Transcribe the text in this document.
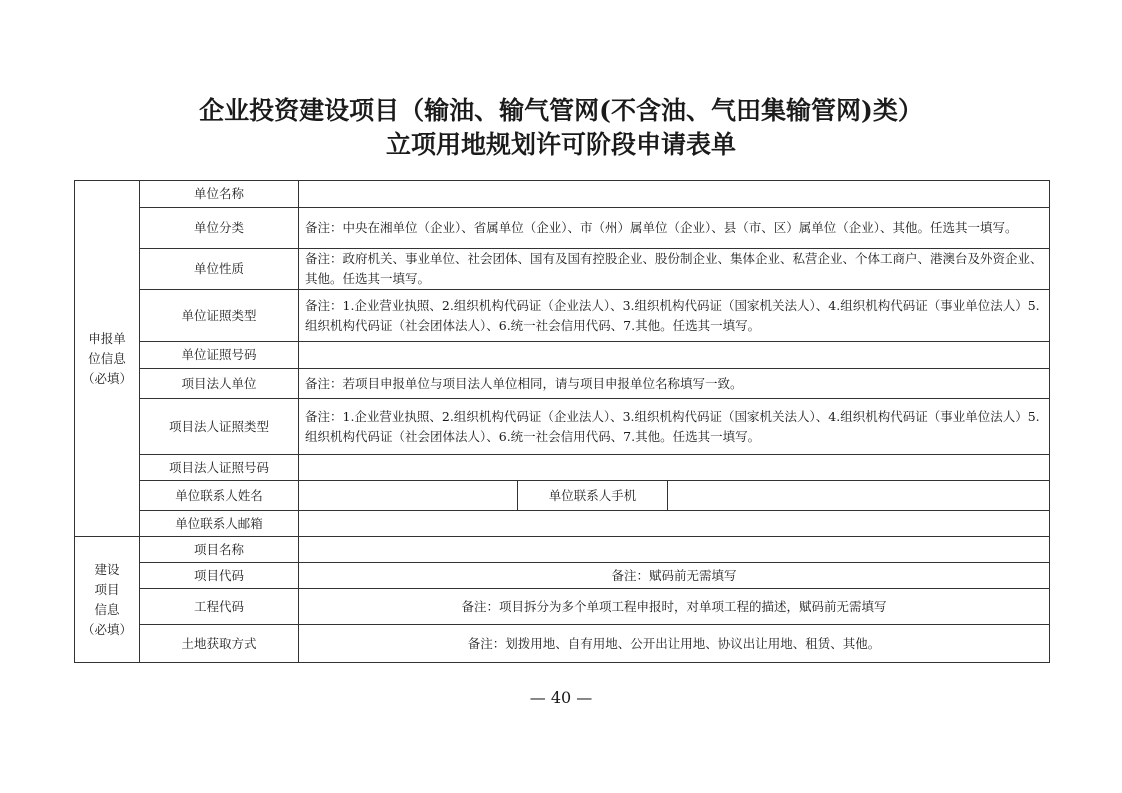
企业投资建设项目（输油、输气管网(不含油、气田集输管网)类）
立项用地规划许可阶段申请表单
申报单
位信息
（必填）	单位名称			
	单位分类	备注：中央在湘单位（企业）、省属单位（企业）、市（州）属单位（企业）、县（市、区）属单位（企业）、其他。任选其一填写。		
	单位性质	备注：政府机关、事业单位、社会团体、国有及国有控股企业、股份制企业、集体企业、私营企业、个体工商户、港澳台及外资企业、其他。任选其一填写。		
	单位证照类型	备注：1.企业营业执照、2.组织机构代码证（企业法人）、3.组织机构代码证（国家机关法人）、4.组织机构代码证（事业单位法人）5.组织机构代码证（社会团体法人）、6.统一社会信用代码、7.其他。任选其一填写。		
	单位证照号码			
	项目法人单位	备注：若项目申报单位与项目法人单位相同，请与项目申报单位名称填写一致。		
	项目法人证照类型	备注：1.企业营业执照、2.组织机构代码证（企业法人）、3.组织机构代码证（国家机关法人）、4.组织机构代码证（事业单位法人）5.组织机构代码证（社会团体法人）、6.统一社会信用代码、7.其他。任选其一填写。		
	项目法人证照号码			
	单位联系人姓名		单位联系人手机	
	单位联系人邮箱			

建设
项目
信息
（必填）	项目名称			
	项目代码	备注：赋码前无需填写		
	工程代码	备注：项目拆分为多个单项工程申报时，对单项工程的描述，赋码前无需填写		
	土地获取方式	备注：划拨用地、自有用地、公开出让用地、协议出让用地、租赁、其他。		
— 40 —
